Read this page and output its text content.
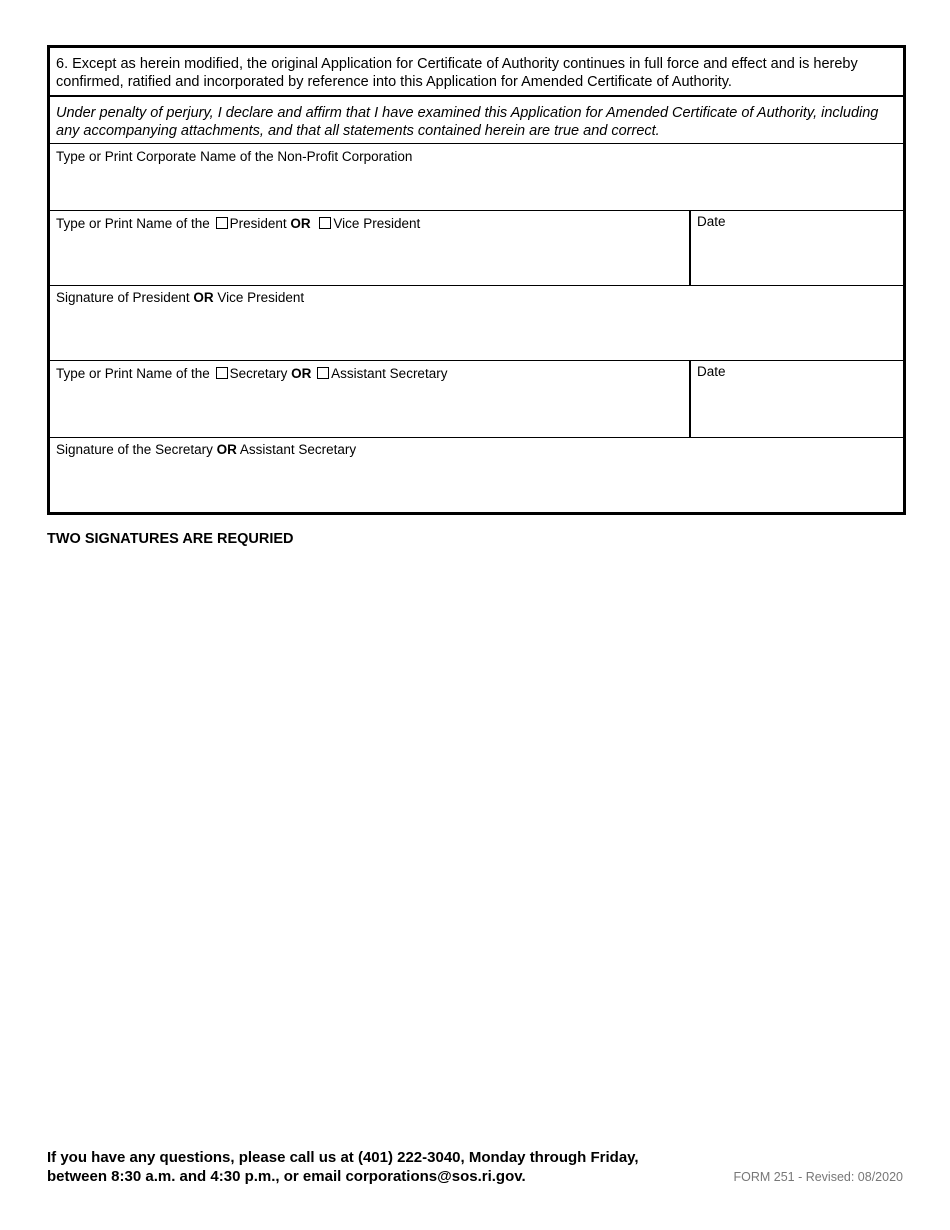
6. Except as herein modified, the original Application for Certificate of Authority continues in full force and effect and is hereby confirmed, ratified and incorporated by reference into this Application for Amended Certificate of Authority.
Under penalty of perjury, I declare and affirm that I have examined this Application for Amended Certificate of Authority, including any accompanying attachments, and that all statements contained herein are true and correct.
Type or Print Corporate Name of the Non-Profit Corporation
Type or Print Name of the President OR Vice President	Date
Signature of President OR Vice President
Type or Print Name of the Secretary OR Assistant Secretary	Date
Signature of the Secretary OR Assistant Secretary
TWO SIGNATURES ARE REQURIED
If you have any questions, please call us at (401) 222-3040, Monday through Friday,
between 8:30 a.m. and 4:30 p.m., or email corporations@sos.ri.gov.	FORM 251 - Revised: 08/2020
